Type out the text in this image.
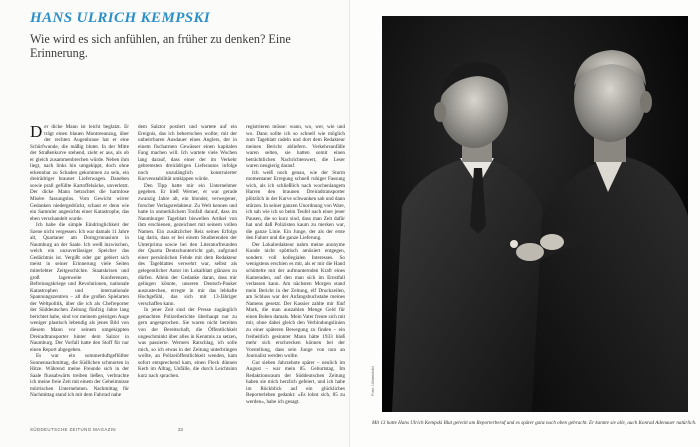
HANS ULRICH KEMPSKI
Wie wird es sich anfühlen, an früher zu denken? Eine Erinnerung.

Der dicke Mann ist leicht beglatzt. Er trägt einen blauen Montreeanzug, über der rechten Augenbraue hat er eine Schürfwunde, die mäßig blutet. In der Mitte der Straßenkurve stehend, zieht er aus, als ob er gleich zusammenbrechen würde. Neben ihm liegt, nach links hin umgekippt, doch ohne erkennbar zu Schaden gekommen zu sein, ein dreirädriger brauner Lieferwagen. Daneben sowie prall gefüllte Kartoffelsäcke, unverletzt. Der dicke Mann betrachtet die harmlose Misére fassungslos. Vom Gewicht wirrer Gedanken niedergedrückt, schaut er denn wie ein Sammler angesichts einer Katastrophe, das eben verschandelt wurde.

Ich habe die simple Eindringlichkeit der Szene nicht vergessen. Ich war damals 11 Jahre alt, Quartaner am Domgymnasium in Naumburg an der Saale. Ich weiß inzwischen, welch ein unzuverlässiger Speicher das Gedächtnis ist. Vergißt oder gar gebiert sich meist in seiner Erinnerung viele Seiten miterlebter Zeitgeschichte. Staatskrisen und groß lagenweite Konferenzen, Befreiungskriege und Revolutionen, nationale Katastrophen und internationale Spannungszentren – all die großen Spielarten der Weltpolitik, über die ich als Chefreporter der Süddeutschen Zeitung fünfzig Jahre lang berichtet habe, sind vor meinem geistigen Auge weniger plastisch lebendig als jenes Bild von diesem Mann vor seinem umgekippten Dreiradtransporter hinter dem Salzor in Naumburg. Der Vorfall hatte den Stoff für nur einen Report abgegeben.

Es war ein sommerduftgeflüllter Sonnennachmittag, die Südlichen schmorten in Hitze. Während meine Freunde sich in der Saale flussabwärts treiben ließen, verbrachte ich meine freie Zeit mit einem der Geheimnisse mürrischen Unternehmen. Nachmittag für Nachmittag stand ich mit dem Fahrrad nahe

dem Salztor postiert und wartete auf ein Ereignis, das ich beherrschen wollte; mit der unbeirrbaren Ausdauer eines Anglers, der in einem fischarmen Gewässer einen kapitalen Fang machen will. Ich wartete viele Wochen lang darauf, dass einer der im Verkehr gebremsten dreirädrigen Lieferautos infolge noch unzulänglich konstruierter Kurvenstabilität umkippen würde.

Den Tipp hatte mir ein Unternehmer gegeben. Er hieß Werner, er war gerade zwanzig Jahre alt, ein blonder, verwegener, forscher Verlagsredakteur. Zu Welt kennen und hatte in unmerklichem Tonfall darauf, dass im Naumburger Tageblatt biswellen Artikel von ihm erschienen, gezeichnet mit seinem vollen Namen. Ein zusätzlicher Reiz seines Erfolgs lag darin, dass er bei einem Studierenden der Unterprima sowie bei den Literaturfreunden der Quarta Deutschunterricht gab, aufgrund einer persönlichen Fehde mit dem Redakteur des Tageblattes verwehrt war, selbst als gelegentlicher Autor im Lokalblatt glänzen zu dürfen. Allein der Gedanke daran, dass mir gelingen könnte, unseren Deutsch-Pauker auszustechen, erregte in mir das lebhafte Hochgefühl, das sich mit 13-Jähriger verschaffen kann.

In jener Zeit sind der Presse zugänglich gemachten Polizeiberichte überhaupt nur zu gern angesprochen. Sie waren nicht bereiten von der Bereitschaft, die Öffentlichkeit ungeschminkt über alles in Kenntnis zu setzen, was passierte. Werners Ratschlag, ich solle mich, so ich etwas in der Zeitung unterbringen wollte, an Polizeiöffentlichkeit wenden, kam sofort entsprechend kam, einen Fleck dünnen Kerb im Alltag, Unfälle, die durch Leichtsinn kurz nach sprachen.

registrieren müsse: wann, wo, wer, wie und wo. Dann sollte ich so schnell wie möglich zum Tageblatt radeln und dort dem Redakteur meinen Bericht abliefern. Verkehrsunfälle waren selten, sie hatten somit einen beträchtlichen Nachrichtenwert, die Leser waren neugierig darauf.

Ich weiß noch genau, wie der Sturm momentaner Erregung schnell ruhiger Fassung wich, als ich schließlich nach wochenlangem Harren den braunen Dreiradtransporter plötzlich in der Kurve schwanken sah und dann stürzen. In seiner ganzen Unordnung von Ware, ich sah wie ich so beim Teufel nach einer jener Pausen, die so kurz sind, dass man Zeit dafür hat und daß Polizisten kaum zu merken war, die ganze Linie. Ein Junge, der als der erste den Fahrer und die ganze Lieferung.

Der Lokalredakteur nahm meine anonyme Kunde nicht spöttisch amüsiert entgegen, sondern voll kollegialen Interesses. So wenigstens erschien es mir, als er mir die Hand schüttelte mit der aufmunternden Kraft eines Kameraden, auf den man sich im Ernstfall verlassen kann. Am nächsten Morgen stand mein Bericht in der Zeitung, elf Druckzeilen, am Schluss war der Anfangsbuchstabe meines Namens gesetzt. Der Kassier zahlte mir fünf Mark, die man auszahlen Menge Geld für einen Buben damals. Mein Vater freute sich mit mir, ohne dabei gleich den Verbindungslinien zu einer späteren Bewegung zu finden – ein freiheitlich gesinnter Mann hätte 1933 bloß mehr sich erschrecken können bei der Vorstellung, dass sein Junge von nun an Journalist werden wollte.

Gut sieben Jahrzehnte später – neulich im August – war mein 85. Geburtstag. Im Redaktionsraum der Süddeutschen Zeitung haben sie mich herzlich gefeiert, und ich habe im Rückblick auf ein glückliches Reporterleben gedankt: »Es lohnt sich, 85 zu werden«, habe ich gesagt.

SÜDDEUTSCHE ZEITUNG MAGAZIN	22
Foto: Ullsteinbild
Mit 13 hatte Hans Ulrich Kempski Blut geleckt am Reporterberuf und es später ganz nach oben gebracht. Er kannte sie alle, auch Konrad Adenauer natürlich.
